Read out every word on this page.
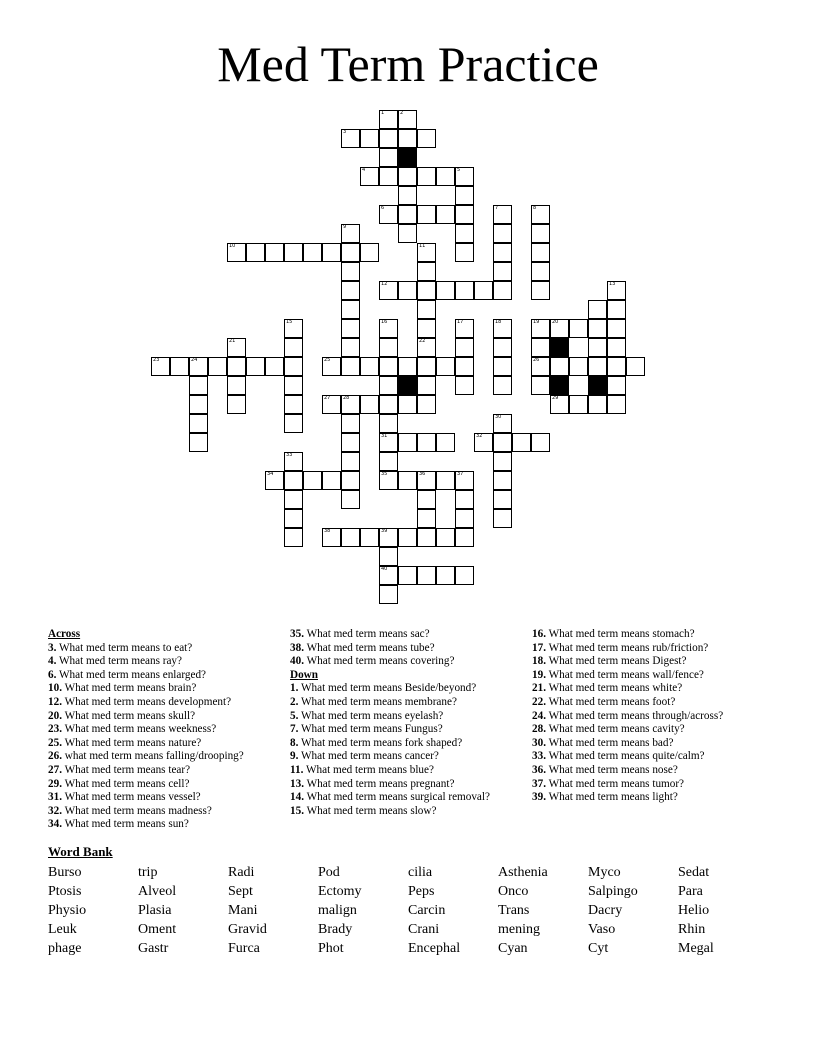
Med Term Practice
3
4
6
10
12
20
23	24	25	26
27	28	29
31	32
34	35	36	37
38	39
40
1	2
5
7	8
9
11
22
13
15	16	17	18	19
21
30
33
Across
3. What med term means to eat?
4. What med term means ray?
6. What med term means enlarged?
10. What med term means brain?
12. What med term means development?
20. What med term means skull?
23. What med term means weekness?
25. What med term means nature?
26. what med term means falling/drooping?
27. What med term means tear?
29. What med term means cell?
31. What med term means vessel?
32. What med term means madness?
34. What med term means sun?
35. What med term means sac?
38. What med term means tube?
40. What med term means covering?
Down
1. What med term means Beside/beyond?
2. What med term means membrane?
5. What med term means eyelash?
7. What med term means Fungus?
8. What med term means fork shaped?
9. What med term means cancer?
11. What med term means blue?
13. What med term means pregnant?
14. What med term means surgical removal?
15. What med term means slow?
16. What med term means stomach?
17. What med term means rub/friction?
18. What med term means Digest?
19. What med term means wall/fence?
21. What med term means white?
22. What med term means foot?
24. What med term means through/across?
28. What med term means cavity?
30. What med term means bad?
33. What med term means quite/calm?
36. What med term means nose?
37. What med term means tumor?
39. What med term means light?
Word Bank
Burso	trip	Radi	Pod	cilia	Asthenia	Myco	Sedat
Ptosis	Alveol	Sept	Ectomy	Peps	Onco	Salpingo	Para
Physio	Plasia	Mani	malign	Carcin	Trans	Dacry	Helio
Leuk	Oment	Gravid	Brady	Crani	mening	Vaso	Rhin
phage	Gastr	Furca	Phot	Encephal	Cyan	Cyt	Megal
